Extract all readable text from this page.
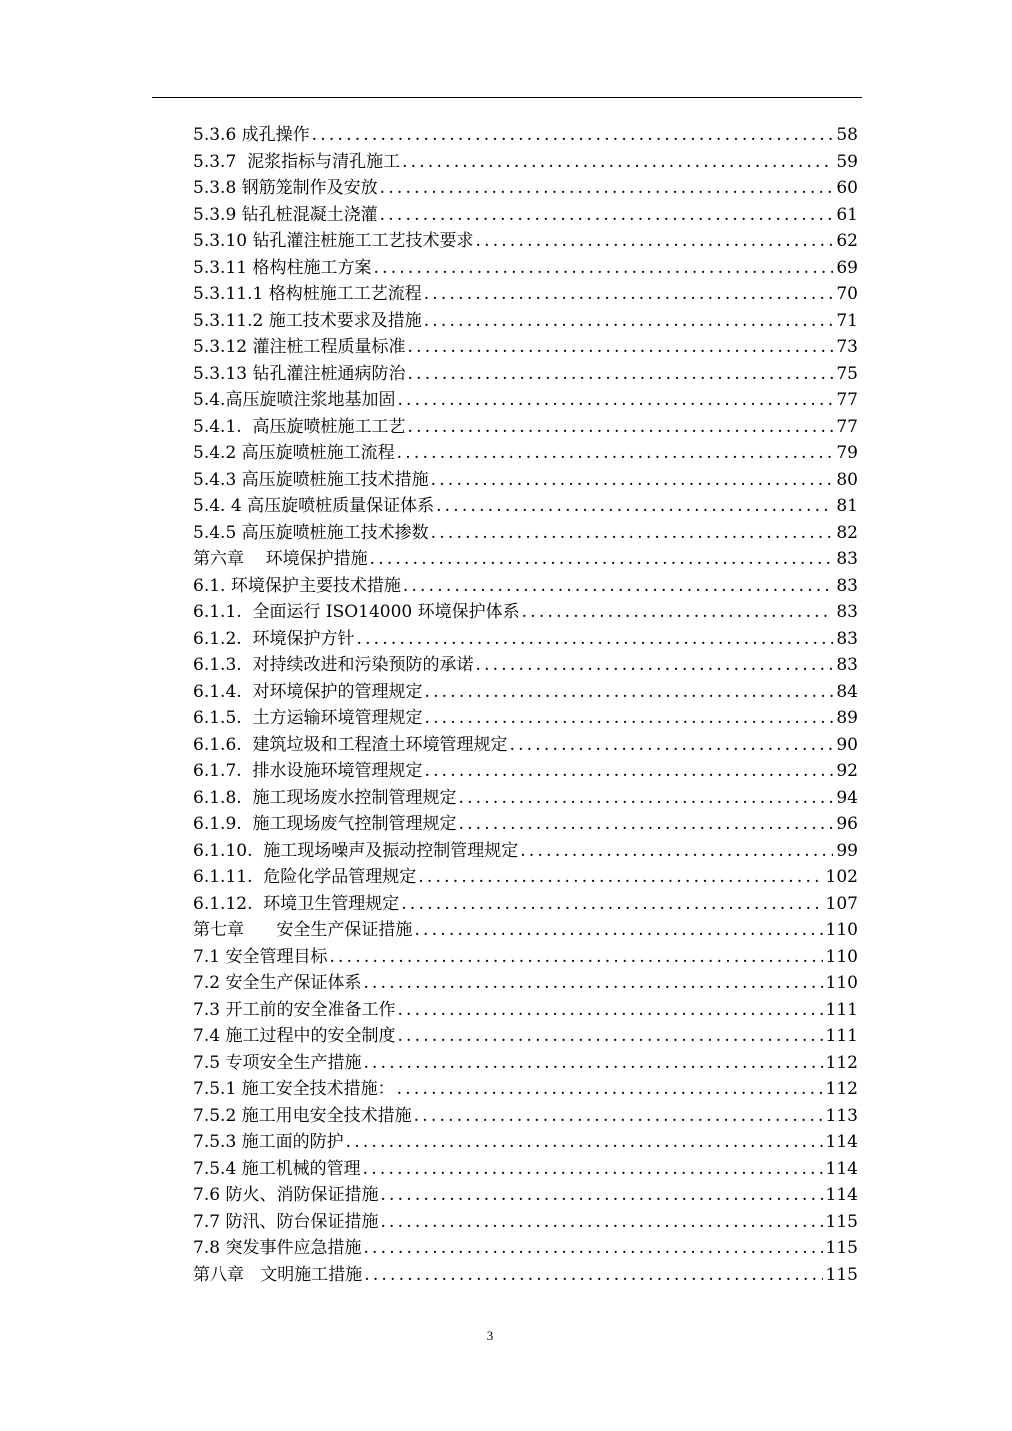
5.3.6 成孔操作 .....	58
5.3.7  泥浆指标与清孔施工 .....	59
5.3.8 钢筋笼制作及安放 .....	60
5.3.9 钻孔桩混凝土浇灌 .....	61
5.3.10 钻孔灌注桩施工工艺技术要求 .....	62
5.3.11 格构柱施工方案 .....	69
5.3.11.1 格构桩施工工艺流程 .....	70
5.3.11.2 施工技术要求及措施 .....	71
5.3.12 灌注桩工程质量标准 .....	73
5.3.13 钻孔灌注桩通病防治 .....	75
5.4.高压旋喷注浆地基加固 .....	77
5.4.1.  高压旋喷桩施工工艺 .....	77
5.4.2 高压旋喷桩施工流程 .....	79
5.4.3 高压旋喷桩施工技术措施 .....	80
5.4. 4 高压旋喷桩质量保证体系 .....	81
5.4.5 高压旋喷桩施工技术掺数 .....	82
第六章    环境保护措施 .....	83
6.1. 环境保护主要技术措施 .....	83
6.1.1.  全面运行 ISO14000 环境保护体系 .....	83
6.1.2.  环境保护方针 .....	83
6.1.3.  对持续改进和污染预防的承诺 .....	83
6.1.4.  对环境保护的管理规定 .....	84
6.1.5.  土方运输环境管理规定 .....	89
6.1.6.  建筑垃圾和工程渣土环境管理规定 .....	90
6.1.7.  排水设施环境管理规定 .....	92
6.1.8.  施工现场废水控制管理规定 .....	94
6.1.9.  施工现场废气控制管理规定 .....	96
6.1.10.  施工现场噪声及振动控制管理规定 .....	99
6.1.11.  危险化学品管理规定 .....	102
6.1.12.  环境卫生管理规定 .....	107
第七章      安全生产保证措施 .....	110
7.1 安全管理目标 .....	110
7.2 安全生产保证体系 .....	110
7.3 开工前的安全准备工作 .....	111
7.4 施工过程中的安全制度 .....	111
7.5 专项安全生产措施 .....	112
7.5.1 施工安全技术措施： .....	112
7.5.2 施工用电安全技术措施 .....	113
7.5.3 施工面的防护 .....	114
7.5.4 施工机械的管理 .....	114
7.6 防火、消防保证措施 .....	114
7.7 防汛、防台保证措施 .....	115
7.8 突发事件应急措施 .....	115
第八章   文明施工措施 .....	115
3
